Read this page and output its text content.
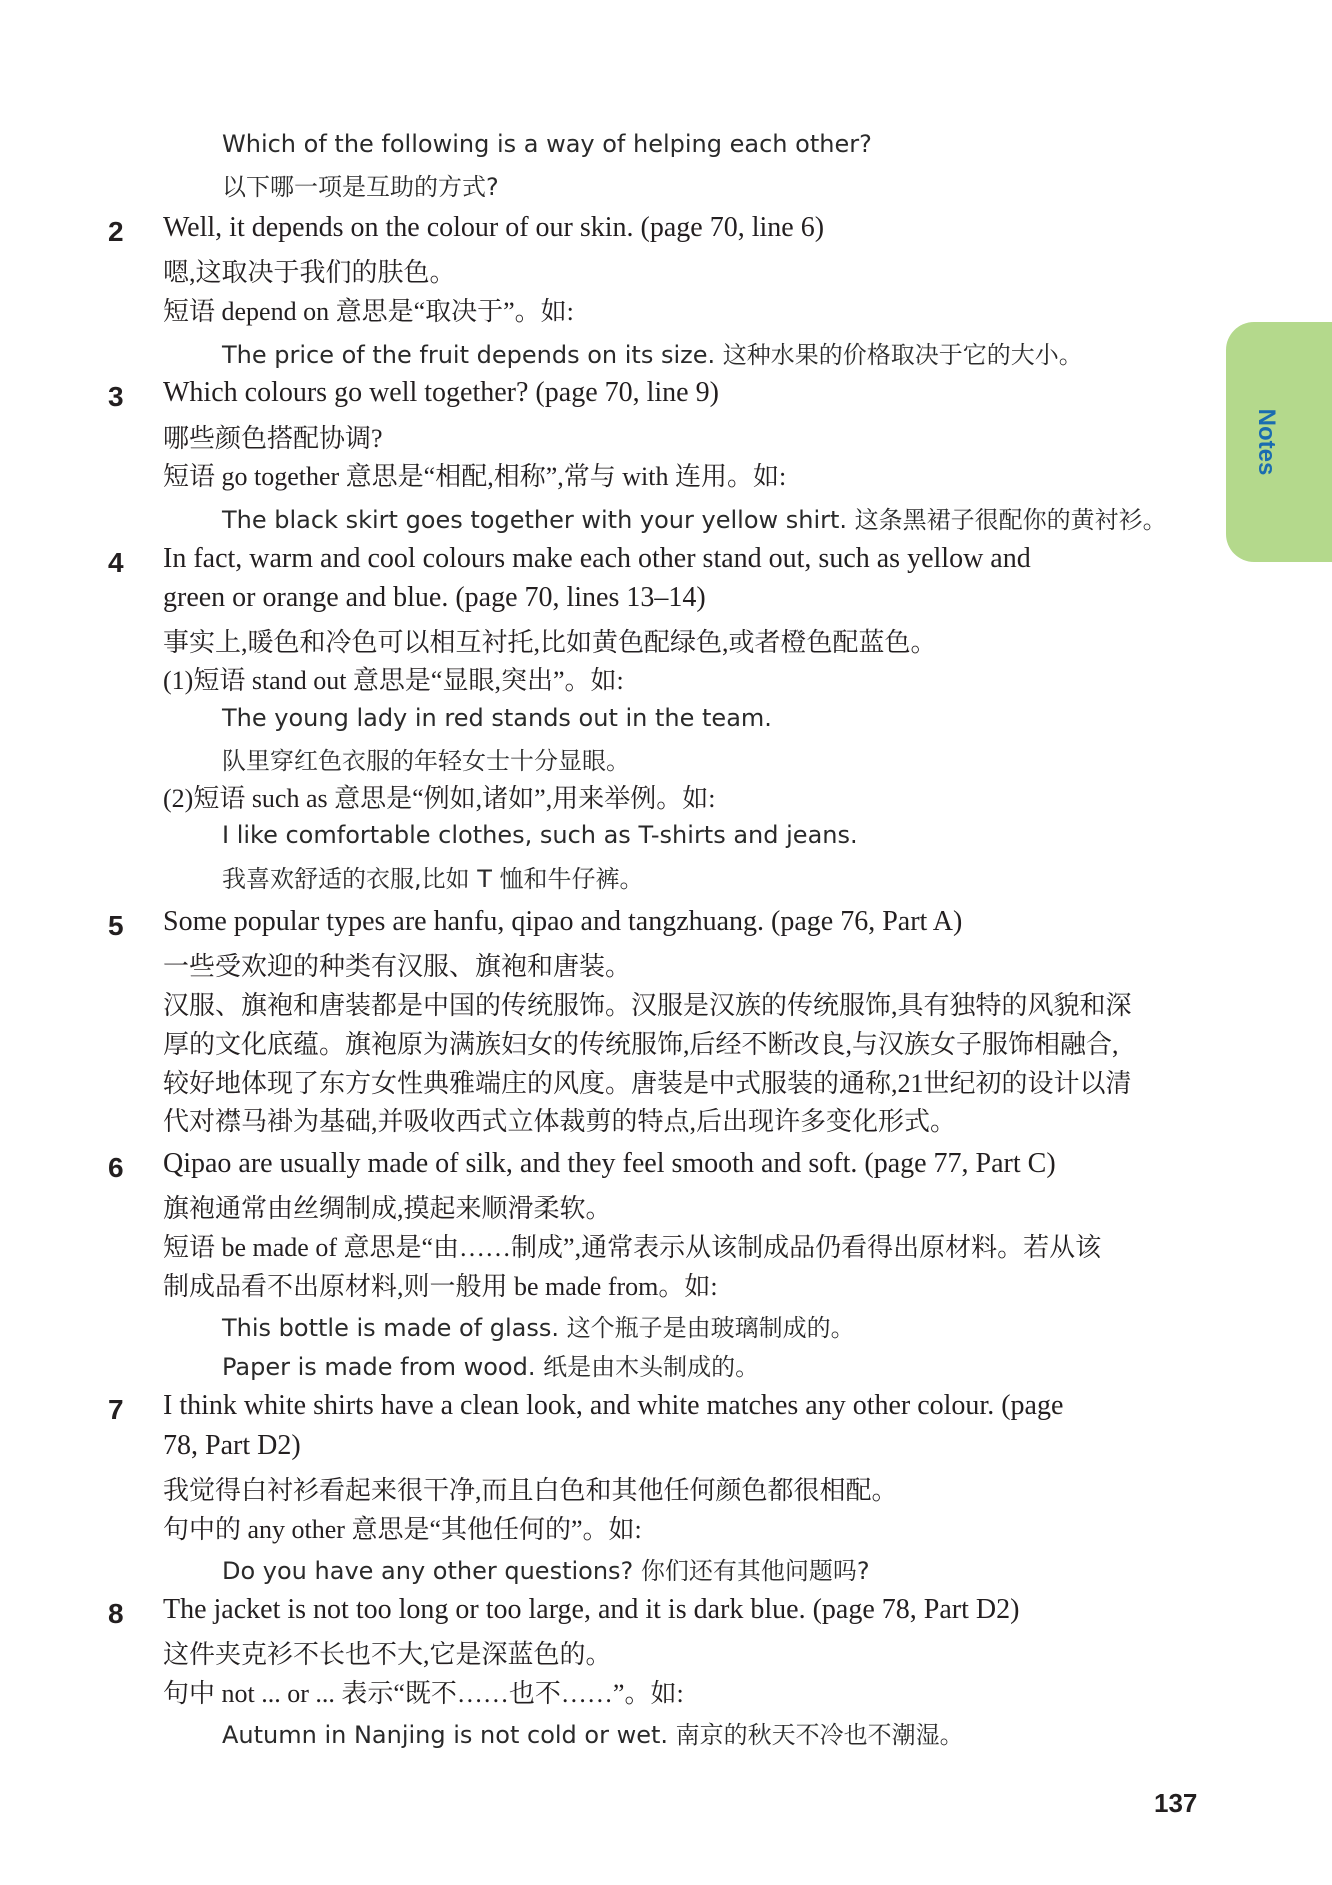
Notes
Which of the following is a way of helping each other?
以下哪一项是互助的方式?
2 Well, it depends on the colour of our skin. (page 70, line 6)
嗯,这取决于我们的肤色。
短语 depend on 意思是“取决于”。如:
The price of the fruit depends on its size. 这种水果的价格取决于它的大小。
3 Which colours go well together? (page 70, line 9)
哪些颜色搭配协调?
短语 go together 意思是“相配,相称”,常与 with 连用。如:
The black skirt goes together with your yellow shirt. 这条黑裙子很配你的黄衬衫。
4 In fact, warm and cool colours make each other stand out, such as yellow and
green or orange and blue. (page 70, lines 13–14)
事实上,暖色和冷色可以相互衬托,比如黄色配绿色,或者橙色配蓝色。
(1)短语 stand out 意思是“显眼,突出”。如:
The young lady in red stands out in the team.
队里穿红色衣服的年轻女士十分显眼。
(2)短语 such as 意思是“例如,诸如”,用来举例。如:
I like comfortable clothes, such as T-shirts and jeans.
我喜欢舒适的衣服,比如 T 恤和牛仔裤。
5 Some popular types are hanfu, qipao and tangzhuang. (page 76, Part A)
一些受欢迎的种类有汉服、旗袍和唐装。
汉服、旗袍和唐装都是中国的传统服饰。汉服是汉族的传统服饰,具有独特的风貌和深
厚的文化底蕴。旗袍原为满族妇女的传统服饰,后经不断改良,与汉族女子服饰相融合,
较好地体现了东方女性典雅端庄的风度。唐装是中式服装的通称,21世纪初的设计以清
代对襟马褂为基础,并吸收西式立体裁剪的特点,后出现许多变化形式。
6 Qipao are usually made of silk, and they feel smooth and soft. (page 77, Part C)
旗袍通常由丝绸制成,摸起来顺滑柔软。
短语 be made of 意思是“由……制成”,通常表示从该制成品仍看得出原材料。若从该
制成品看不出原材料,则一般用 be made from。如:
This bottle is made of glass. 这个瓶子是由玻璃制成的。
Paper is made from wood. 纸是由木头制成的。
7 I think white shirts have a clean look, and white matches any other colour. (page
78, Part D2)
我觉得白衬衫看起来很干净,而且白色和其他任何颜色都很相配。
句中的 any other 意思是“其他任何的”。如:
Do you have any other questions? 你们还有其他问题吗?
8 The jacket is not too long or too large, and it is dark blue. (page 78, Part D2)
这件夹克衫不长也不大,它是深蓝色的。
句中 not ... or ... 表示“既不……也不……”。如:
Autumn in Nanjing is not cold or wet. 南京的秋天不冷也不潮湿。
137
